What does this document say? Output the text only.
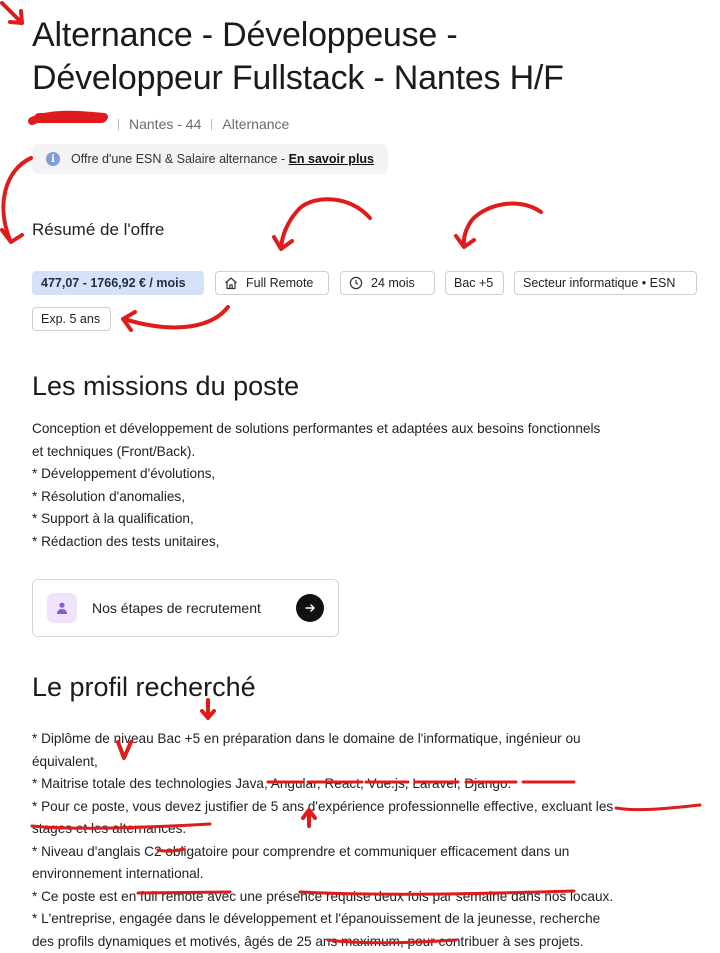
Alternance - Développeuse -
Développeur Fullstack - Nantes H/F
Nantes - 44 Alternance
i	Offre d'une ESN & Salaire alternance -
En savoir plus
Résumé de l'offre
477,07 - 1766,92 € / mois	Full Remote	24 mois	Bac +5 Secteur informatique • ESN
Exp. 5 ans
Les missions du poste

Conception et développement de solutions performantes et adaptées aux besoins fonctionnels

et techniques (Front/Back).

* Développement d'évolutions,

* Résolution d'anomalies,

* Support à la qualification,

* Rédaction des tests unitaires,

Nos étapes de recrutement
Le profil recherché

* Diplôme de niveau Bac +5 en préparation dans le domaine de l'informatique, ingénieur ou

équivalent,

* Maitrise totale des technologies Java, Angular, React, Vue.js, Laravel, Django.

* Pour ce poste, vous devez justifier de 5 ans d'expérience professionnelle effective, excluant les

stages et les alternances.

* Niveau d'anglais C2 obligatoire pour comprendre et communiquer efficacement dans un

environnement international.

* Ce poste est en full remote avec une présence requise deux fois par semaine dans nos locaux.

* L'entreprise, engagée dans le développement et l'épanouissement de la jeunesse, recherche

des profils dynamiques et motivés, âgés de 25 ans maximum, pour contribuer à ses projets.
